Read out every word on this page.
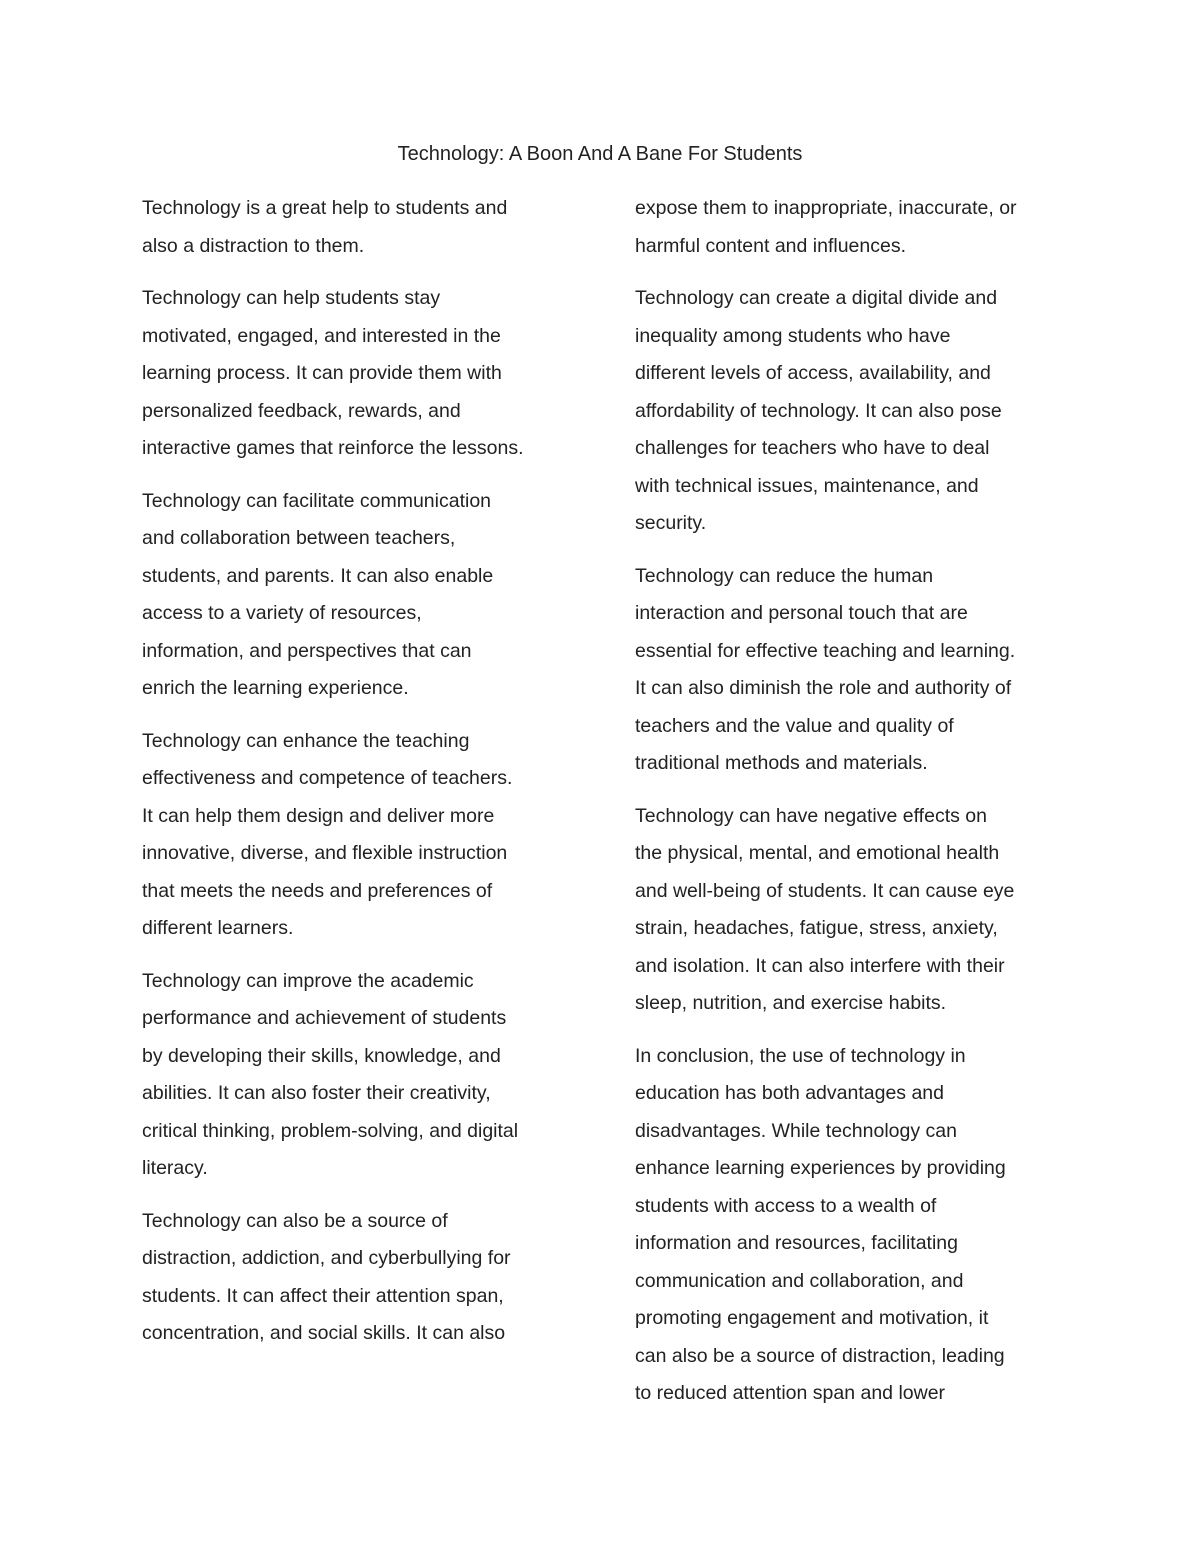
Technology: A Boon And A Bane For Students
Technology is a great help to students and
also a distraction to them.
Technology can help students stay
motivated, engaged, and interested in the
learning process. It can provide them with
personalized feedback, rewards, and
interactive games that reinforce the lessons.
Technology can facilitate communication
and collaboration between teachers,
students, and parents. It can also enable
access to a variety of resources,
information, and perspectives that can
enrich the learning experience.
Technology can enhance the teaching
effectiveness and competence of teachers.
It can help them design and deliver more
innovative, diverse, and flexible instruction
that meets the needs and preferences of
different learners.
Technology can improve the academic
performance and achievement of students
by developing their skills, knowledge, and
abilities. It can also foster their creativity,
critical thinking, problem-solving, and digital
literacy.
Technology can also be a source of
distraction, addiction, and cyberbullying for
students. It can affect their attention span,
concentration, and social skills. It can also
expose them to inappropriate, inaccurate, or
harmful content and influences.
Technology can create a digital divide and
inequality among students who have
different levels of access, availability, and
affordability of technology. It can also pose
challenges for teachers who have to deal
with technical issues, maintenance, and
security.
Technology can reduce the human
interaction and personal touch that are
essential for effective teaching and learning.
It can also diminish the role and authority of
teachers and the value and quality of
traditional methods and materials.
Technology can have negative effects on
the physical, mental, and emotional health
and well-being of students. It can cause eye
strain, headaches, fatigue, stress, anxiety,
and isolation. It can also interfere with their
sleep, nutrition, and exercise habits.
In conclusion, the use of technology in
education has both advantages and
disadvantages. While technology can
enhance learning experiences by providing
students with access to a wealth of
information and resources, facilitating
communication and collaboration, and
promoting engagement and motivation, it
can also be a source of distraction, leading
to reduced attention span and lower
